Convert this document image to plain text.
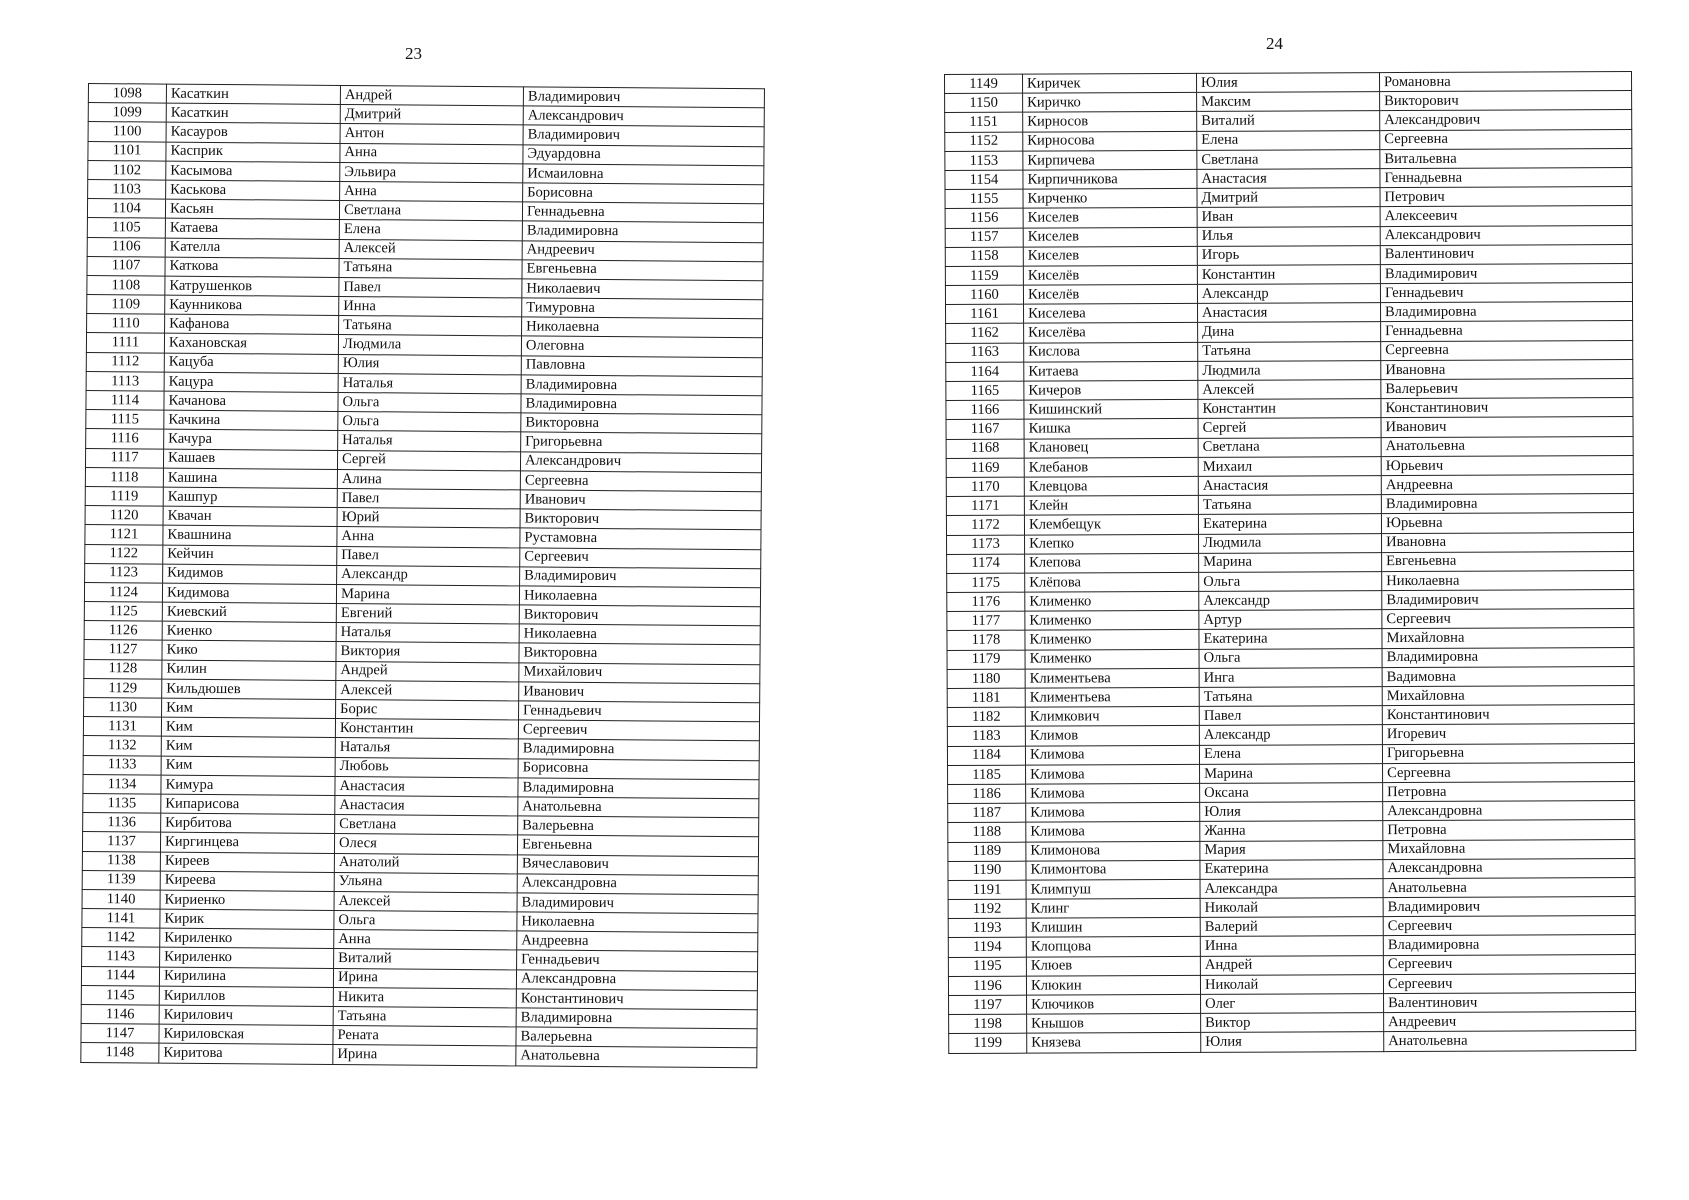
23
24
1098	Касаткин	Андрей	Владимирович
1099	Касаткин	Дмитрий	Александрович
1100	Касауров	Антон	Владимирович
1101	Касприк	Анна	Эдуардовна
1102	Касымова	Эльвира	Исмаиловна
1103	Каськова	Анна	Борисовна
1104	Касьян	Светлана	Геннадьевна
1105	Катаева	Елена	Владимировна
1106	Kателла	Алексей	Андреевич
1107	Каткова	Татьяна	Евгеньевна
1108	Катрушенков	Павел	Николаевич
1109	Каунникова	Инна	Тимуровна
1110	Кафанова	Татьяна	Николаевна
1111	Кахановская	Людмила	Олеговна
1112	Кацуба	Юлия	Павловна
1113	Кацура	Наталья	Владимировна
1114	Качанова	Ольга	Владимировна
1115	Качкина	Ольга	Викторовна
1116	Качура	Наталья	Григорьевна
1117	Кашаев	Сергей	Александрович
1118	Кашина	Алина	Сергеевна
1119	Кашпур	Павел	Иванович
1120	Квачан	Юрий	Викторович
1121	Квашнина	Анна	Рустамовна
1122	Кейчин	Павел	Сергеевич
1123	Кидимов	Александр	Владимирович
1124	Кидимова	Марина	Николаевна
1125	Киевский	Евгений	Викторович
1126	Киенко	Наталья	Николаевна
1127	Кико	Виктория	Викторовна
1128	Килин	Андрей	Михайлович
1129	Кильдюшев	Алексей	Иванович
1130	Ким	Борис	Геннадьевич
1131	Ким	Константин	Сергеевич
1132	Ким	Наталья	Владимировна
1133	Ким	Любовь	Борисовна
1134	Кимура	Анастасия	Владимировна
1135	Кипарисова	Анастасия	Анатольевна
1136	Кирбитова	Светлана	Валерьевна
1137	Киргинцева	Олеся	Евгеньевна
1138	Киреев	Анатолий	Вячеславович
1139	Киреева	Ульяна	Александровна
1140	Кириенко	Алексей	Владимирович
1141	Кирик	Ольга	Николаевна
1142	Кириленко	Анна	Андреевна
1143	Кириленко	Виталий	Геннадьевич
1144	Кирилина	Ирина	Александровна
1145	Кириллов	Никита	Константинович
1146	Кирилович	Татьяна	Владимировна
1147	Кириловская	Рената	Валерьевна
1148	Киритова	Ирина	Анатольевна
1149	Киричек	Юлия	Романовна
1150	Киричко	Максим	Викторович
1151	Кирносов	Виталий	Александрович
1152	Кирносова	Елена	Сергеевна
1153	Кирпичева	Светлана	Витальевна
1154	Кирпичникова	Анастасия	Геннадьевна
1155	Кирченко	Дмитрий	Петрович
1156	Киселев	Иван	Алексеевич
1157	Киселев	Илья	Александрович
1158	Киселев	Игорь	Валентинович
1159	Киселёв	Константин	Владимирович
1160	Киселёв	Александр	Геннадьевич
1161	Киселева	Анастасия	Владимировна
1162	Киселёва	Дина	Геннадьевна
1163	Кислова	Татьяна	Сергеевна
1164	Китаева	Людмила	Ивановна
1165	Кичеров	Алексей	Валерьевич
1166	Кишинский	Константин	Константинович
1167	Кишка	Сергей	Иванович
1168	Клановец	Светлана	Анатольевна
1169	Клебанов	Михаил	Юрьевич
1170	Клевцова	Анастасия	Андреевна
1171	Клейн	Татьяна	Владимировна
1172	Клембещук	Екатерина	Юрьевна
1173	Клепко	Людмила	Ивановна
1174	Клепова	Марина	Евгеньевна
1175	Клёпова	Ольга	Николаевна
1176	Клименко	Александр	Владимирович
1177	Клименко	Артур	Сергеевич
1178	Клименко	Екатерина	Михайловна
1179	Клименко	Ольга	Владимировна
1180	Климентьева	Инга	Вадимовна
1181	Климентьева	Татьяна	Михайловна
1182	Климкович	Павел	Константинович
1183	Климов	Александр	Игоревич
1184	Климова	Елена	Григорьевна
1185	Климова	Марина	Сергеевна
1186	Климова	Оксана	Петровна
1187	Климова	Юлия	Александровна
1188	Климова	Жанна	Петровна
1189	Климонова	Мария	Михайловна
1190	Климонтова	Екатерина	Александровна
1191	Климпуш	Александра	Анатольевна
1192	Клинг	Николай	Владимирович
1193	Клишин	Валерий	Сергеевич
1194	Клопцова	Инна	Владимировна
1195	Клюев	Андрей	Сергеевич
1196	Клюкин	Николай	Сергеевич
1197	Ключиков	Олег	Валентинович
1198	Кнышов	Виктор	Андреевич
1199	Князева	Юлия	Анатольевна
